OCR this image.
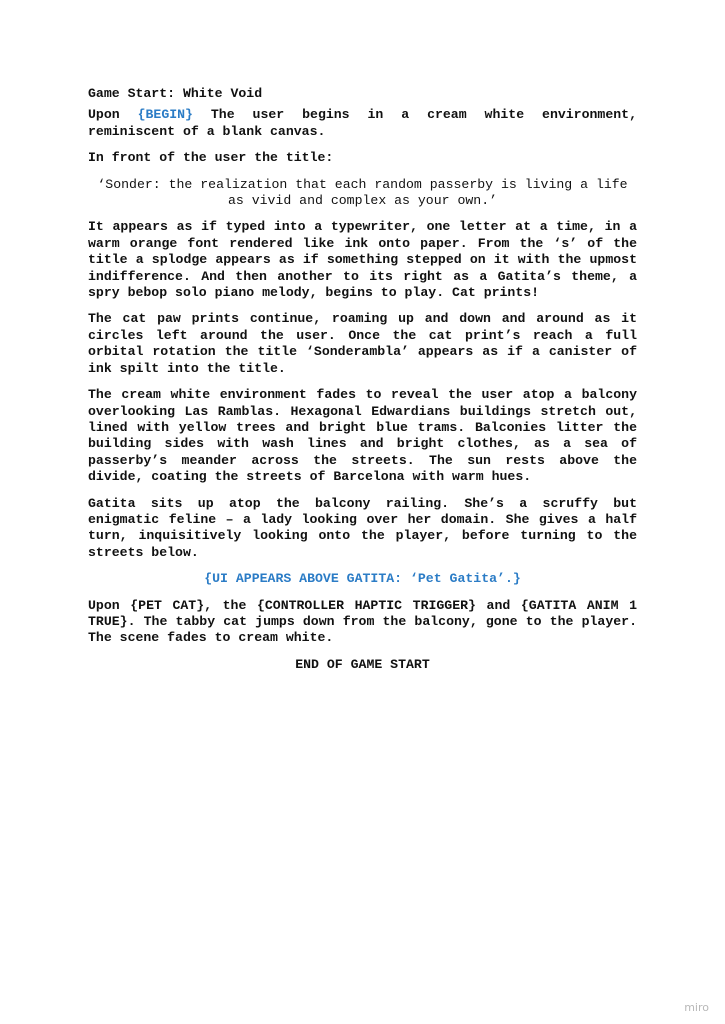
Game Start: White Void

Upon {BEGIN} The user begins in a cream white environment, reminiscent of a blank canvas.

In front of the user the title:

‘Sonder: the realization that each random passerby is living a life as vivid and complex as your own.’

It appears as if typed into a typewriter, one letter at a time, in a warm orange font rendered like ink onto paper. From the ‘s’ of the title a splodge appears as if something stepped on it with the upmost indifference. And then another to its right as a Gatita’s theme, a spry bebop solo piano melody, begins to play. Cat prints!

The cat paw prints continue, roaming up and down and around as it circles left around the user. Once the cat print’s reach a full orbital rotation the title ‘Sonderambla’ appears as if a canister of ink spilt into the title.

The cream white environment fades to reveal the user atop a balcony overlooking Las Ramblas. Hexagonal Edwardians buildings stretch out, lined with yellow trees and bright blue trams. Balconies litter the building sides with wash lines and bright clothes, as a sea of passerby’s meander across the streets. The sun rests above the divide, coating the streets of Barcelona with warm hues.

Gatita sits up atop the balcony railing. She’s a scruffy but enigmatic feline – a lady looking over her domain. She gives a half turn, inquisitively looking onto the player, before turning to the streets below.

{UI APPEARS ABOVE GATITA: ‘Pet Gatita’.}

Upon {PET CAT}, the {CONTROLLER HAPTIC TRIGGER} and {GATITA ANIM 1 TRUE}. The tabby cat jumps down from the balcony, gone to the player. The scene fades to cream white.

END OF GAME START

miro
